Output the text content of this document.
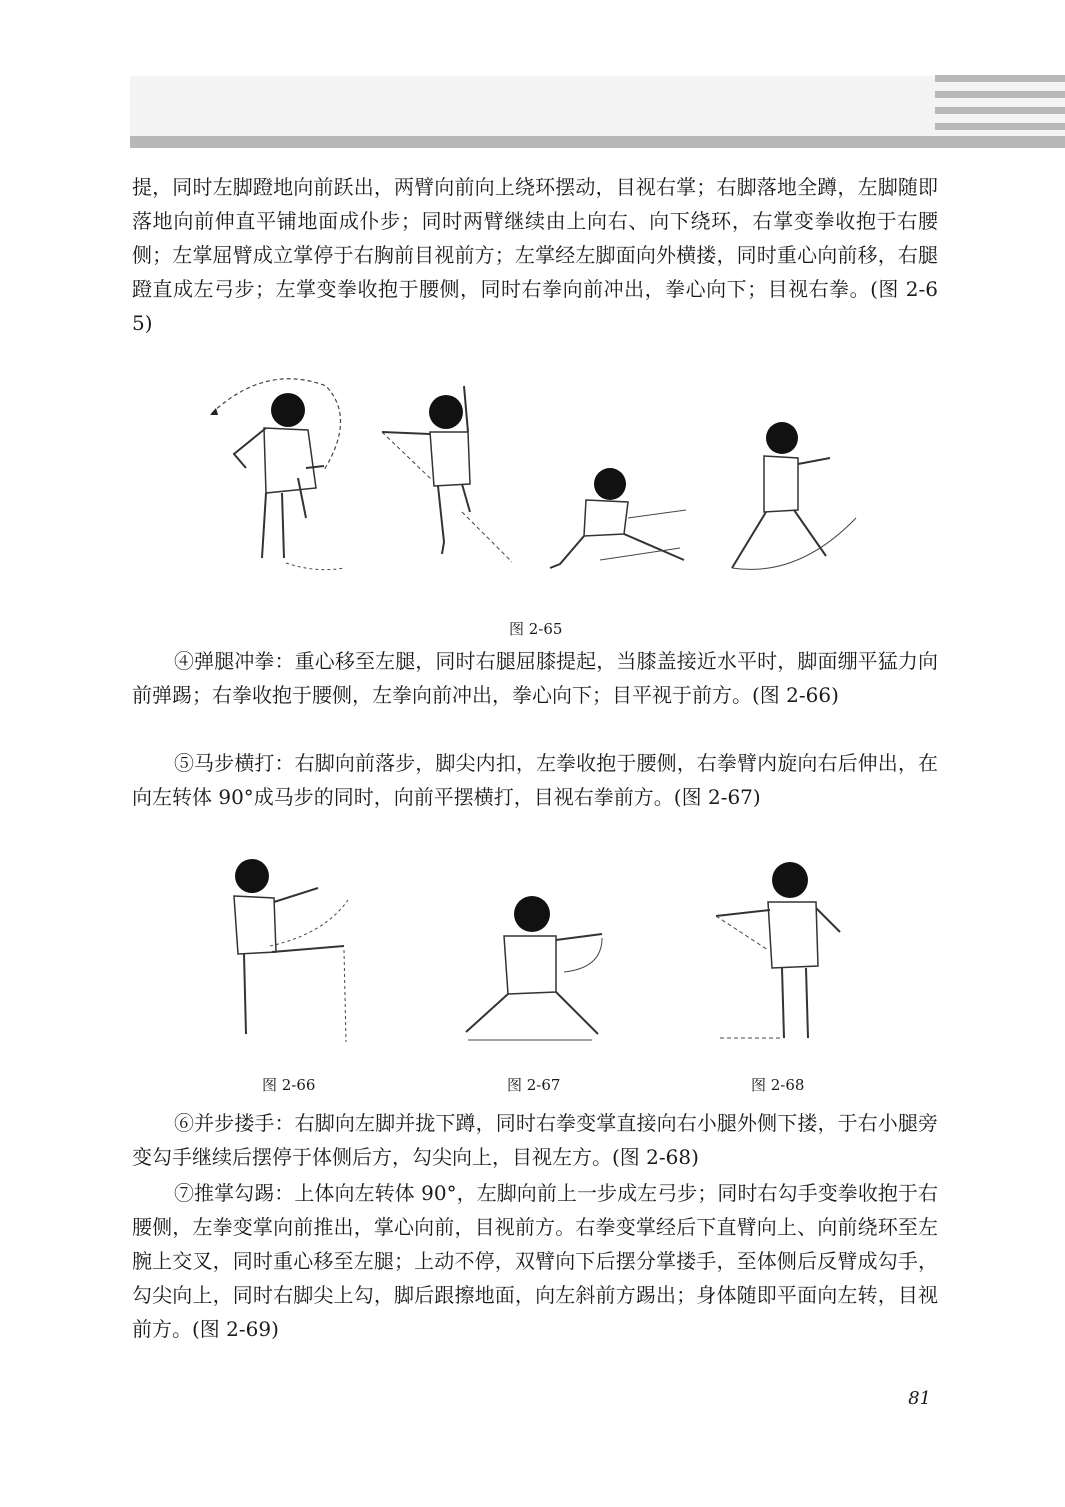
提，同时左脚蹬地向前跃出，两臂向前向上绕环摆动，目视右掌；右脚落地全蹲，左脚随即落地向前伸直平铺地面成仆步；同时两臂继续由上向右、向下绕环，右掌变拳收抱于右腰侧；左掌屈臂成立掌停于右胸前目视前方；左掌经左脚面向外横搂，同时重心向前移，右腿蹬直成左弓步；左掌变拳收抱于腰侧，同时右拳向前冲出，拳心向下；目视右拳。(图 2-65)

图 2-65

④弹腿冲拳：重心移至左腿，同时右腿屈膝提起，当膝盖接近水平时，脚面绷平猛力向前弹踢；右拳收抱于腰侧，左拳向前冲出，拳心向下；目平视于前方。(图 2-66)

⑤马步横打：右脚向前落步，脚尖内扣，左拳收抱于腰侧，右拳臂内旋向右后伸出，在向左转体 90°成马步的同时，向前平摆横打，目视右拳前方。(图 2-67)

图 2-66	图 2-67	图 2-68

⑥并步搂手：右脚向左脚并拢下蹲，同时右拳变掌直接向右小腿外侧下搂，于右小腿旁变勾手继续后摆停于体侧后方，勾尖向上，目视左方。(图 2-68)

⑦推掌勾踢：上体向左转体 90°，左脚向前上一步成左弓步；同时右勾手变拳收抱于右腰侧，左拳变掌向前推出，掌心向前，目视前方。右拳变掌经后下直臂向上、向前绕环至左腕上交叉，同时重心移至左腿；上动不停，双臂向下后摆分掌搂手，至体侧后反臂成勾手，勾尖向上，同时右脚尖上勾，脚后跟擦地面，向左斜前方踢出；身体随即平面向左转，目视前方。(图 2-69)

81
